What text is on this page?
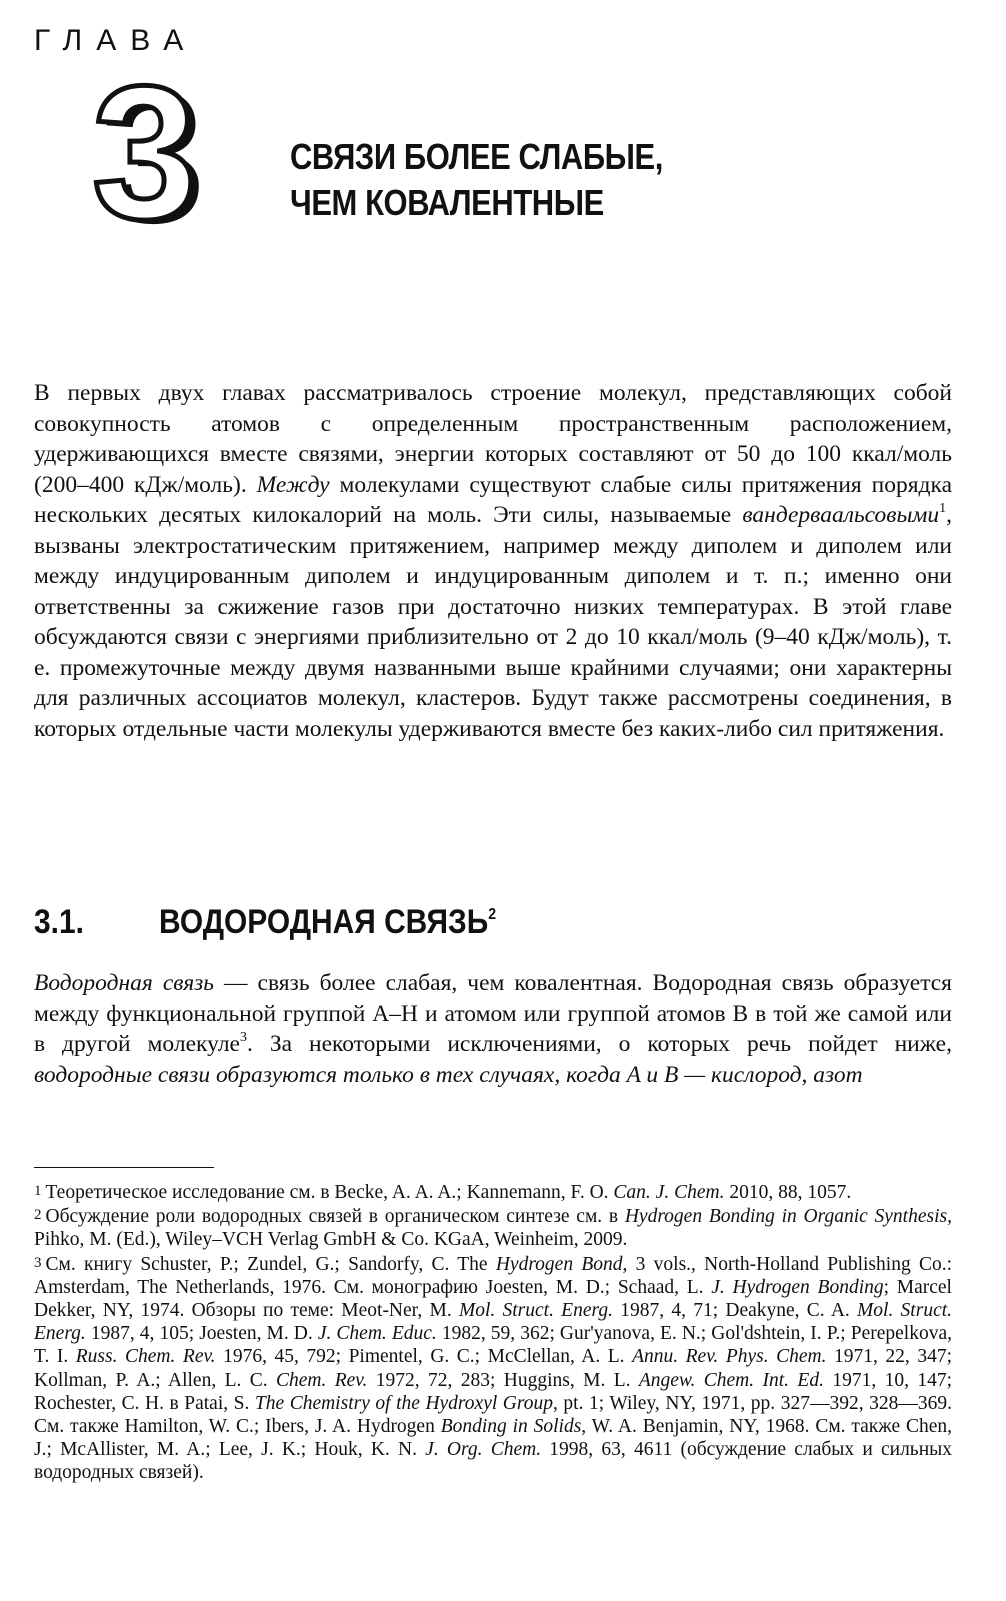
ГЛАВА
3	СВЯЗИ БОЛЕЕ СЛАБЫЕ,
ЧЕМ КОВАЛЕНТНЫЕ
В первых двух главах рассматривалось строение молекул, представляющих собой совокупность атомов с определенным пространственным расположением, удерживающихся вместе связями, энергии которых составляют от 50 до 100 ккал/моль (200–400 кДж/моль). Между молекулами существуют слабые силы притяжения порядка нескольких десятых килокалорий на моль. Эти силы, называемые вандерваальсовыми$^1$, вызваны электростатическим притяжением, например между диполем и диполем или между индуцированным диполем и индуцированным диполем и т. п.; именно они ответственны за сжижение газов при достаточно низких температурах. В этой главе обсуждаются связи с энергиями приблизительно от 2 до 10 ккал/моль (9–40 кДж/моль), т. е. промежуточные между двумя названными выше крайними случаями; они характерны для различных ассоциатов молекул, кластеров. Будут также рассмотрены соединения, в которых отдельные части молекулы удерживаются вместе без каких-либо сил притяжения.
3.1. ВОДОРОДНАЯ СВЯЗЬ$^2$
Водородная связь — связь более слабая, чем ковалентная. Водородная связь образуется между функциональной группой A–H и атомом или группой атомов B в той же самой или в другой молекуле$^3$. За некоторыми исключениями, о которых речь пойдет ниже, водородные связи образуются только в тех случаях, когда A и B — кислород, азот

1 Теоретическое исследование см. в Becke, A. A. A.; Kannemann, F. O. Can. J. Chem. 2010, 88, 1057.

2 Обсуждение роли водородных связей в органическом синтезе см. в Hydrogen Bonding in Organic Synthesis, Pihko, M. (Ed.), Wiley–VCH Verlag GmbH & Co. KGaA, Weinheim, 2009.

3 См. книгу Schuster, P.; Zundel, G.; Sandorfy, C. The Hydrogen Bond, 3 vols., North-Holland Publishing Co.: Amsterdam, The Netherlands, 1976. См. монографию Joesten, M. D.; Schaad, L. J. Hydrogen Bonding; Marcel Dekker, NY, 1974. Обзоры по теме: Meot-Ner, M. Mol. Struct. Energ. 1987, 4, 71; Deakyne, C. A. Mol. Struct. Energ. 1987, 4, 105; Joesten, M. D. J. Chem. Educ. 1982, 59, 362; Gur'yanova, E. N.; Gol'dshtein, I. P.; Perepelkova, T. I. Russ. Chem. Rev. 1976, 45, 792; Pimentel, G. C.; McClellan, A. L. Annu. Rev. Phys. Chem. 1971, 22, 347; Kollman, P. A.; Allen, L. C. Chem. Rev. 1972, 72, 283; Huggins, M. L. Angew. Chem. Int. Ed. 1971, 10, 147; Rochester, C. H. в Patai, S. The Chemistry of the Hydroxyl Group, pt. 1; Wiley, NY, 1971, pp. 327—392, 328—369. См. также Hamilton, W. C.; Ibers, J. A. Hydrogen Bonding in Solids, W. A. Benjamin, NY, 1968. См. также Chen, J.; McAllister, M. A.; Lee, J. K.; Houk, K. N. J. Org. Chem. 1998, 63, 4611 (обсуждение слабых и сильных водородных связей).
